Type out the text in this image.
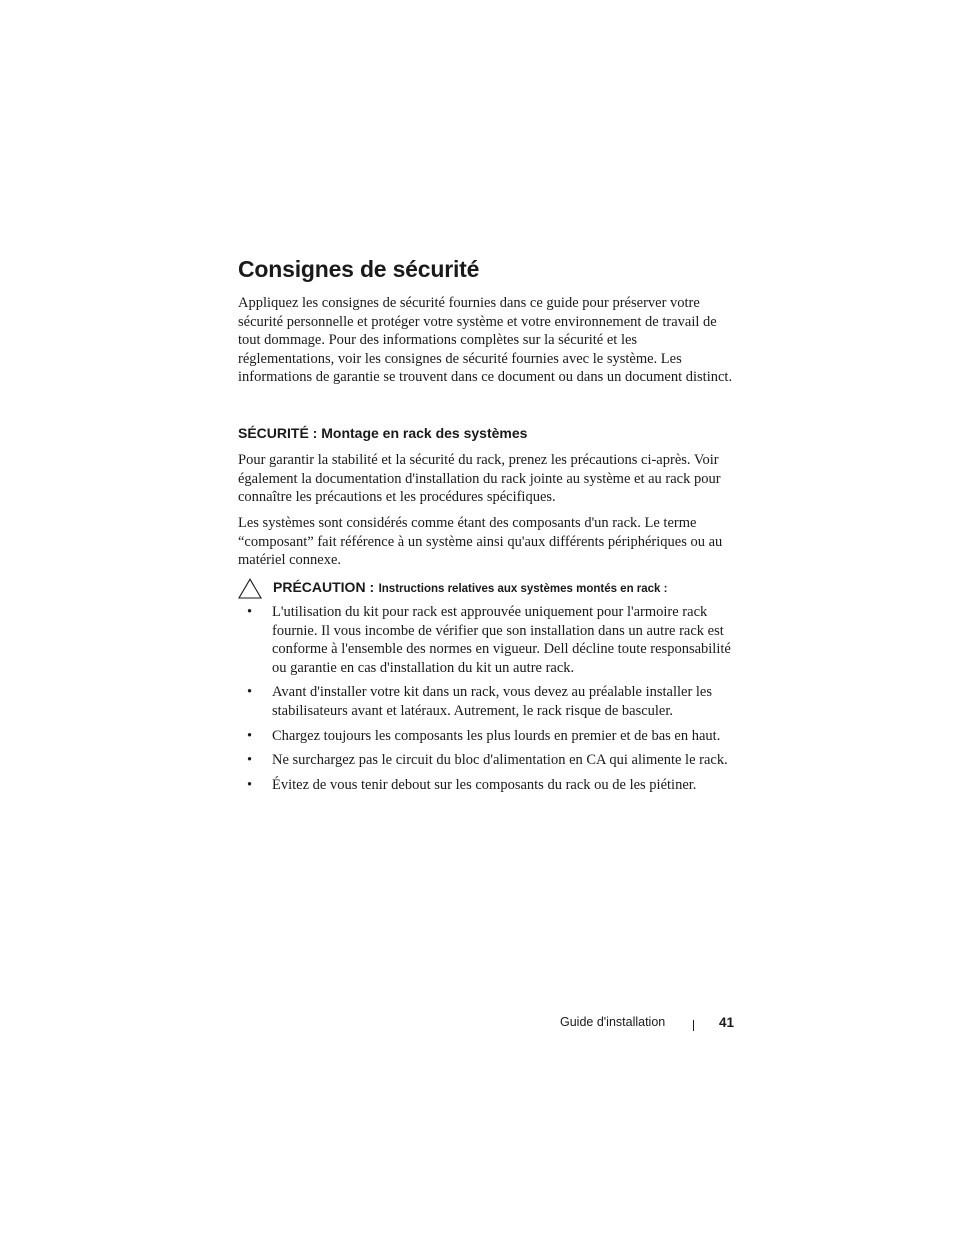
Consignes de sécurité

Appliquez les consignes de sécurité fournies dans ce guide pour préserver votre sécurité personnelle et protéger votre système et votre environnement de travail de tout dommage. Pour des informations complètes sur la sécurité et les réglementations, voir les consignes de sécurité fournies avec le système. Les informations de garantie se trouvent dans ce document ou dans un document distinct.

SÉCURITÉ : Montage en rack des systèmes

Pour garantir la stabilité et la sécurité du rack, prenez les précautions ci-après. Voir également la documentation d'installation du rack jointe au système et au rack pour connaître les précautions et les procédures spécifiques.

Les systèmes sont considérés comme étant des composants d'un rack. Le terme “composant” fait référence à un système ainsi qu'aux différents périphériques ou au matériel connexe.

PRÉCAUTION : Instructions relatives aux systèmes montés en rack :
• L'utilisation du kit pour rack est approuvée uniquement pour l'armoire rack fournie. Il vous incombe de vérifier que son installation dans un autre rack est conforme à l'ensemble des normes en vigueur. Dell décline toute responsabilité ou garantie en cas d'installation du kit un autre rack.
• Avant d'installer votre kit dans un rack, vous devez au préalable installer les stabilisateurs avant et latéraux. Autrement, le rack risque de basculer.
• Chargez toujours les composants les plus lourds en premier et de bas en haut.
• Ne surchargez pas le circuit du bloc d'alimentation en CA qui alimente le rack.
• Évitez de vous tenir debout sur les composants du rack ou de les piétiner.
Guide d'installation	41
